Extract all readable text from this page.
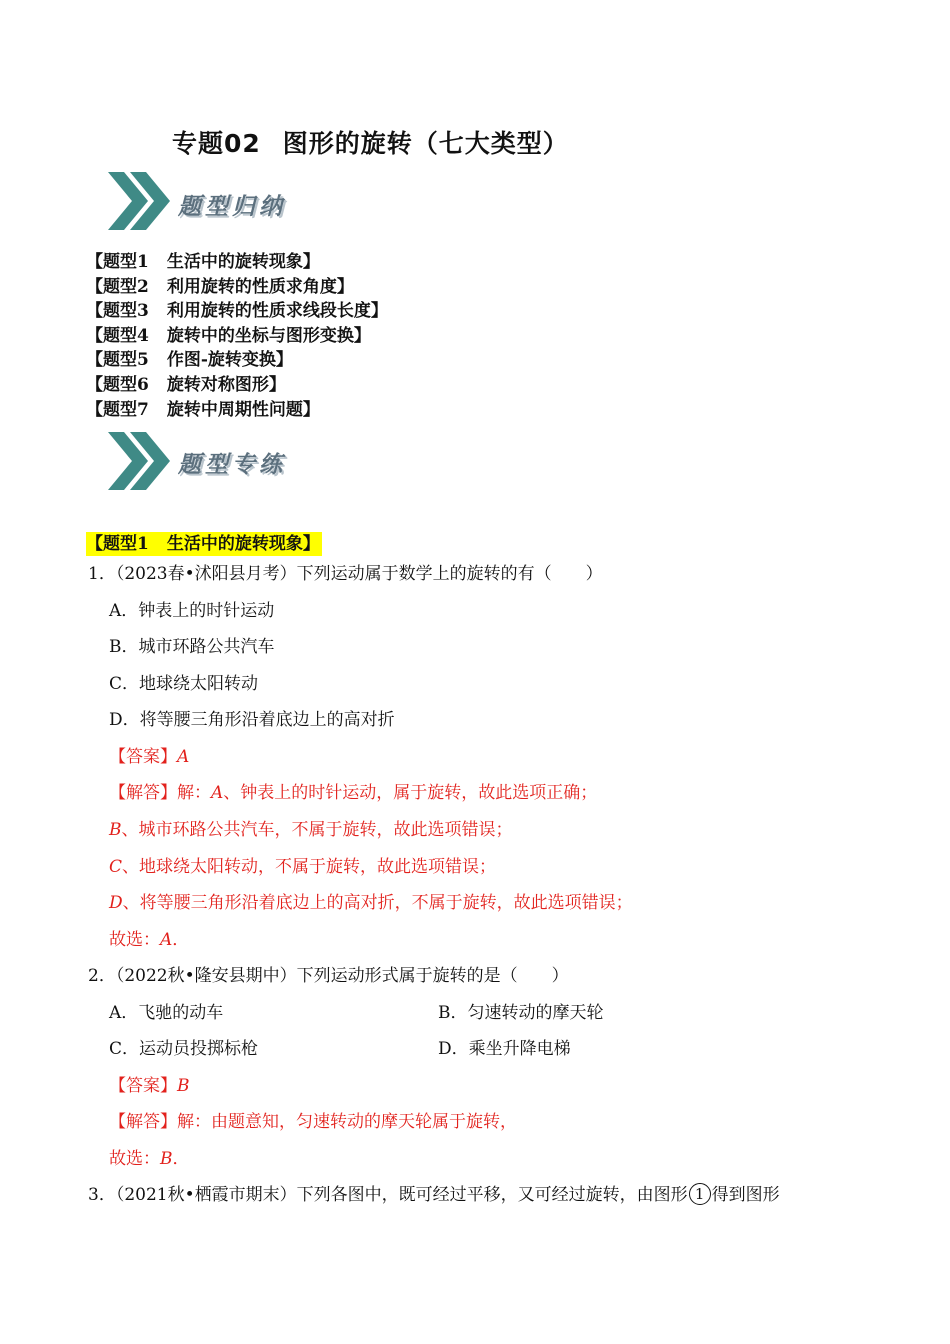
专题02 图形的旋转（七大类型）
题型归纳
【题型1 生活中的旋转现象】
【题型2 利用旋转的性质求角度】
【题型3 利用旋转的性质求线段长度】
【题型4 旋转中的坐标与图形变换】
【题型5 作图-旋转变换】
【题型6 旋转对称图形】
【题型7 旋转中周期性问题】
题型专练
【题型1 生活中的旋转现象】
1．（2023春•沭阳县月考）下列运动属于数学上的旋转的有（　　）
A．钟表上的时针运动
B．城市环路公共汽车
C．地球绕太阳转动
D．将等腰三角形沿着底边上的高对折
【答案】A
【解答】解：A、钟表上的时针运动，属于旋转，故此选项正确；
B、城市环路公共汽车，不属于旋转，故此选项错误；
C、地球绕太阳转动，不属于旋转，故此选项错误；
D、将等腰三角形沿着底边上的高对折，不属于旋转，故此选项错误；
故选：A．
2．（2022秋•隆安县期中）下列运动形式属于旋转的是（　　）
A．飞驰的动车	B．匀速转动的摩天轮
C．运动员投掷标枪	D．乘坐升降电梯
【答案】B
【解答】解：由题意知，匀速转动的摩天轮属于旋转，
故选：B．
3．（2021秋•栖霞市期末）下列各图中，既可经过平移，又可经过旋转，由图形 1 得到图形
